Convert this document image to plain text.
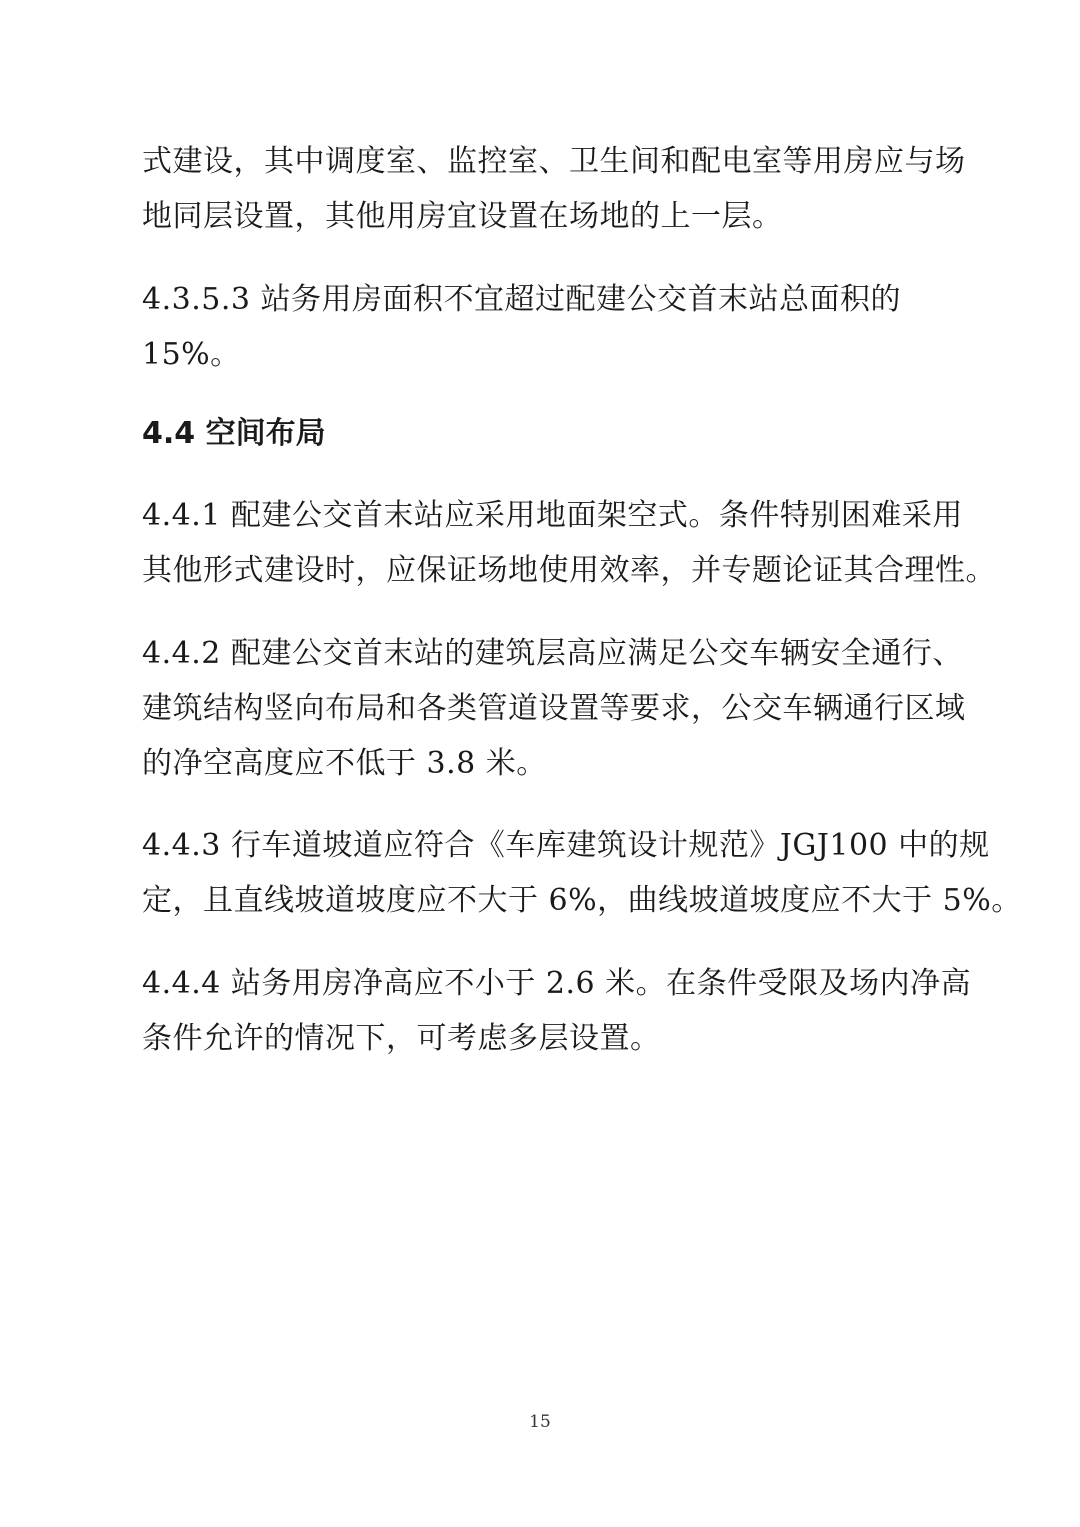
式建设，其中调度室、监控室、卫生间和配电室等用房应与场
地同层设置，其他用房宜设置在场地的上一层。
4.3.5.3 站务用房面积不宜超过配建公交首末站总面积的
15%。
4.4 空间布局
4.4.1 配建公交首末站应采用地面架空式。条件特别困难采用
其他形式建设时，应保证场地使用效率，并专题论证其合理性。
4.4.2 配建公交首末站的建筑层高应满足公交车辆安全通行、
建筑结构竖向布局和各类管道设置等要求，公交车辆通行区域
的净空高度应不低于 3.8 米。
4.4.3 行车道坡道应符合《车库建筑设计规范》JGJ100 中的规
定，且直线坡道坡度应不大于 6%，曲线坡道坡度应不大于 5%。
4.4.4 站务用房净高应不小于 2.6 米。在条件受限及场内净高
条件允许的情况下，可考虑多层设置。
15
